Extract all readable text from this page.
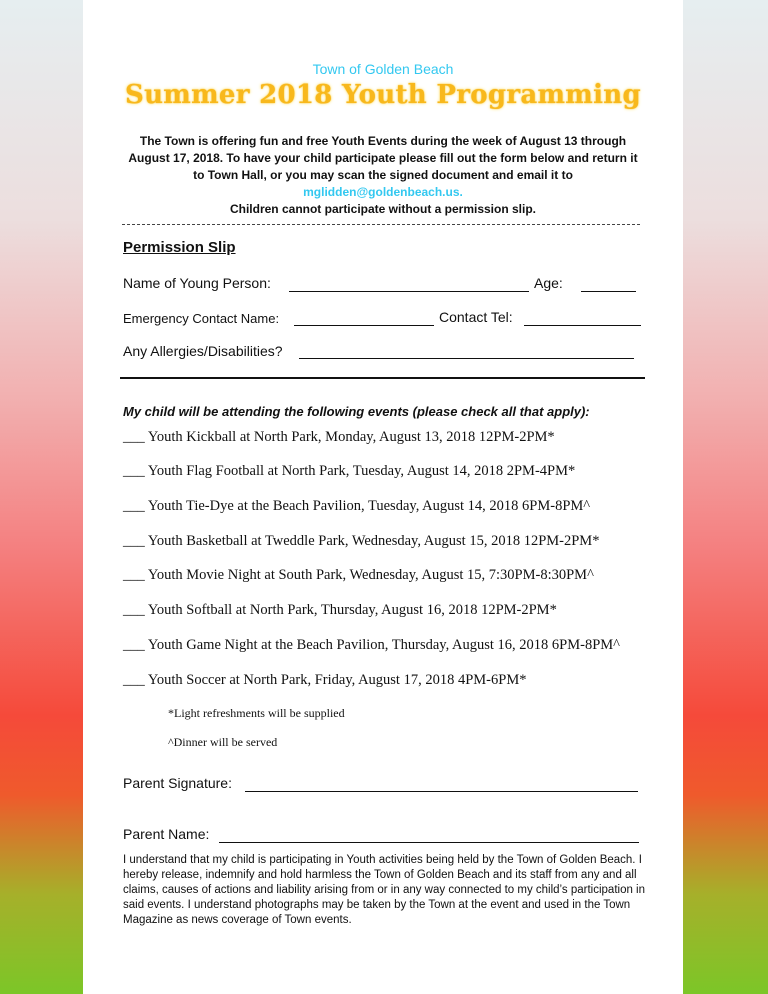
Town of Golden Beach
Summer 2018 Youth Programming
The Town is offering fun and free Youth Events during the week of August 13 through August 17, 2018. To have your child participate please fill out the form below and return it to Town Hall, or you may scan the signed document and email it to mglidden@goldenbeach.us.
Children cannot participate without a permission slip.
Permission Slip
Name of Young Person:	Age:
Emergency Contact Name:	Contact Tel:
Any Allergies/Disabilities?
My child will be attending the following events (please check all that apply):
___ Youth Kickball at North Park, Monday, August 13, 2018 12PM-2PM*
___ Youth Flag Football at North Park, Tuesday, August 14, 2018 2PM-4PM*
___ Youth Tie-Dye at the Beach Pavilion, Tuesday, August 14, 2018 6PM-8PM^
___ Youth Basketball at Tweddle Park, Wednesday, August 15, 2018 12PM-2PM*
___ Youth Movie Night at South Park, Wednesday, August 15, 7:30PM-8:30PM^
___ Youth Softball at North Park, Thursday, August 16, 2018 12PM-2PM*
___ Youth Game Night at the Beach Pavilion, Thursday, August 16, 2018 6PM-8PM^
___ Youth Soccer at North Park, Friday, August 17, 2018 4PM-6PM*
*Light refreshments will be supplied
^Dinner will be served
Parent Signature:
Parent Name:
I understand that my child is participating in Youth activities being held by the Town of Golden Beach. I hereby release, indemnify and hold harmless the Town of Golden Beach and its staff from any and all claims, causes of actions and liability arising from or in any way connected to my child’s participation in said events. I understand photographs may be taken by the Town at the event and used in the Town Magazine as news coverage of Town events.
